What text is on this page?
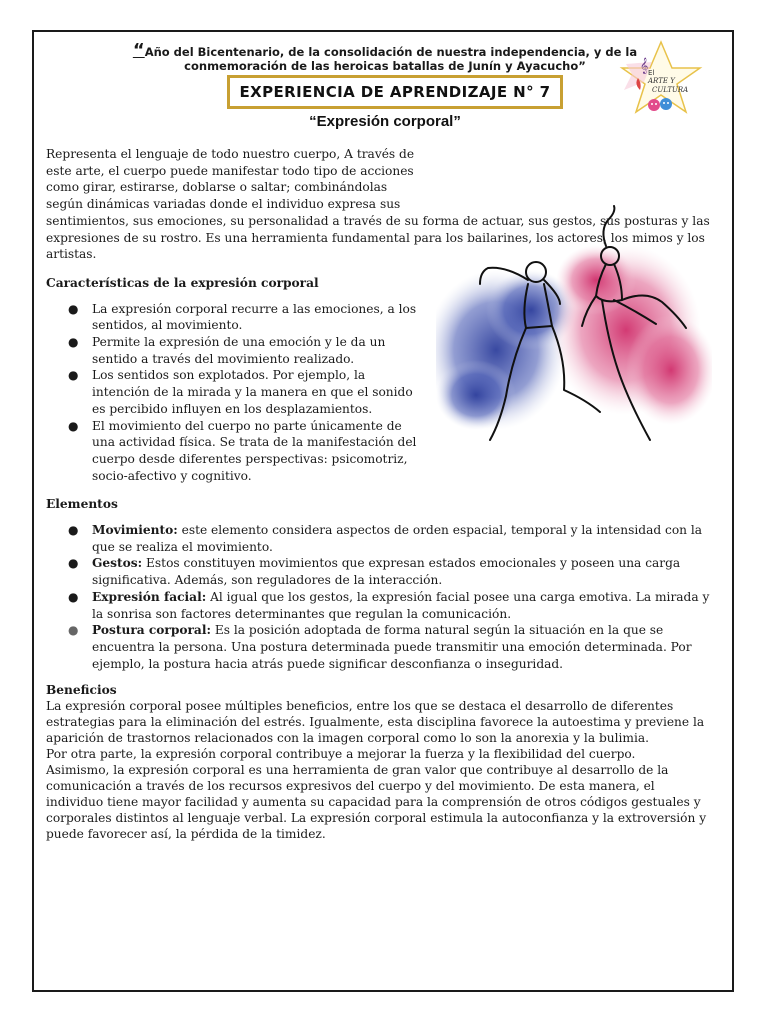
“Año del Bicentenario, de la consolidación de nuestra independencia, y de la
conmemoración de las heroicas batallas de Junín y Ayacucho”	𝄞 El
ARTE Y
CULTURA
EXPERIENCIA DE APRENDIZAJE N° 7
“Expresión corporal”

Representa el lenguaje de todo nuestro cuerpo, A través de este arte, el cuerpo puede manifestar todo tipo de acciones como girar, estirarse, doblarse o saltar; combinándolas según dinámicas variadas donde el individuo expresa sus sentimientos, sus emociones, su personalidad a través de su forma de actuar, sus gestos, sus posturas y las expresiones de su rostro. Es una herramienta fundamental para los bailarines, los actores, los mimos y los artistas.

Características de la expresión corporal

● La expresión corporal recurre a las emociones, a los sentidos, al movimiento.
● Permite la expresión de una emoción y le da un sentido a través del movimiento realizado.
● Los sentidos son explotados. Por ejemplo, la intención de la mirada y la manera en que el sonido es percibido influyen en los desplazamientos.
● El movimiento del cuerpo no parte únicamente de una actividad física. Se trata de la manifestación del cuerpo desde diferentes perspectivas: psicomotriz, socio-afectivo y cognitivo.

Elementos

● Movimiento: este elemento considera aspectos de orden espacial, temporal y la intensidad con la que se realiza el movimiento.
● Gestos: Estos constituyen movimientos que expresan estados emocionales y poseen una carga significativa. Además, son reguladores de la interacción.
● Expresión facial: Al igual que los gestos, la expresión facial posee una carga emotiva. La mirada y la sonrisa son factores determinantes que regulan la comunicación.
● Postura corporal: Es la posición adoptada de forma natural según la situación en la que se encuentra la persona. Una postura determinada puede transmitir una emoción determinada. Por ejemplo, la postura hacia atrás puede significar desconfianza o inseguridad.

Beneficios

La expresión corporal posee múltiples beneficios, entre los que se destaca el desarrollo de diferentes estrategias para la eliminación del estrés. Igualmente, esta disciplina favorece la autoestima y previene la aparición de trastornos relacionados con la imagen corporal como lo son la anorexia y la bulimia.

Por otra parte, la expresión corporal contribuye a mejorar la fuerza y la flexibilidad del cuerpo.

Asimismo, la expresión corporal es una herramienta de gran valor que contribuye al desarrollo de la comunicación a través de los recursos expresivos del cuerpo y del movimiento. De esta manera, el individuo tiene mayor facilidad y aumenta su capacidad para la comprensión de otros códigos gestuales y corporales distintos al lenguaje verbal. La expresión corporal estimula la autoconfianza y la extroversión y puede favorecer así, la pérdida de la timidez.
